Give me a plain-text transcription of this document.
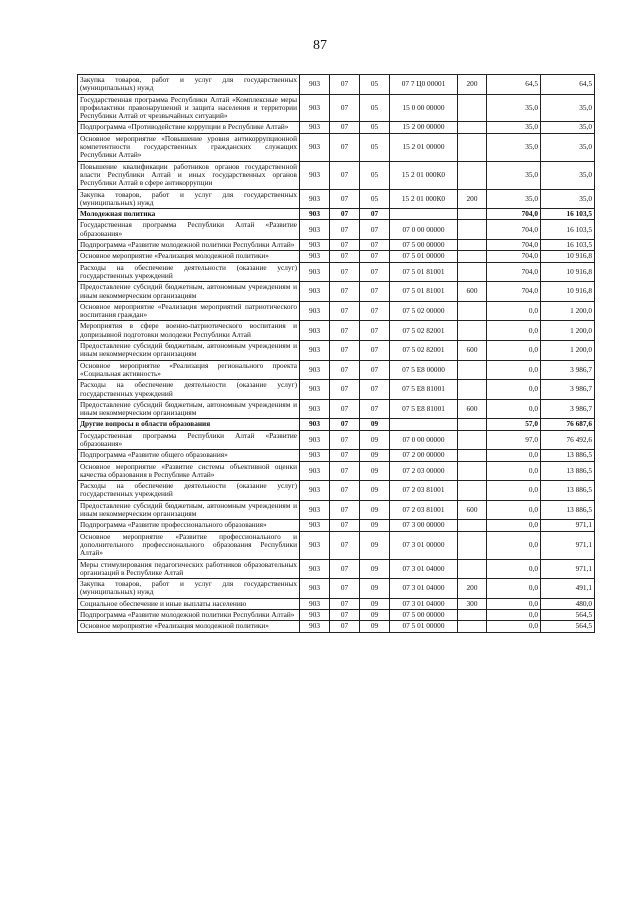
87
Закупка товаров, работ и услуг для государственных (муниципальных) нужд	903	07	05	07 7 Ц0 00001	200	64,5	64,5
Государственная программа Республики Алтай «Комплексные меры профилактики правонарушений и защита населения и территории Республики Алтай от чрезвычайных ситуаций»	903	07	05	15 0 00 00000		35,0	35,0
Подпрограмма «Противодействие коррупции в Республике Алтай»	903	07	05	15 2 00 00000		35,0	35,0
Основное мероприятие «Повышение уровня антикоррупционной компетентности государственных гражданских служащих Республики Алтай»	903	07	05	15 2 01 00000		35,0	35,0
Повышение квалификации работников органов государственной власти Республики Алтай и иных государственных органов Республики Алтай в сфере антикоррупции	903	07	05	15 2 01 000К0		35,0	35,0
Закупка товаров, работ и услуг для государственных (муниципальных) нужд	903	07	05	15 2 01 000К0	200	35,0	35,0
Молодежная политика	903	07	07			704,0	16 103,5
Государственная программа Республики Алтай «Развитие образования»	903	07	07	07 0 00 00000		704,0	16 103,5
Подпрограмма «Развитие молодежной политики Республики Алтай»	903	07	07	07 5 00 00000		704,0	16 103,5
Основное мероприятие «Реализация молодежной политики»	903	07	07	07 5 01 00000		704,0	10 916,8
Расходы на обеспечение деятельности (оказание услуг) государственных учреждений	903	07	07	07 5 01 81001		704,0	10 916,8
Предоставление субсидий бюджетным, автономным учреждениям и иным некоммерческим организациям	903	07	07	07 5 01 81001	600	704,0	10 916,8
Основное мероприятие «Реализация мероприятий патриотического воспитания граждан»	903	07	07	07 5 02 00000		0,0	1 200,0
Мероприятия в сфере военно-патриотического воспитания и допризывной подготовки молодежи Республики Алтай	903	07	07	07 5 02 82001		0,0	1 200,0
Предоставление субсидий бюджетным, автономным учреждениям и иным некоммерческим организациям	903	07	07	07 5 02 82001	600	0,0	1 200,0
Основное мероприятие «Реализация регионального проекта «Социальная активность»	903	07	07	07 5 E8 00000		0,0	3 986,7
Расходы на обеспечение деятельности (оказание услуг) государственных учреждений	903	07	07	07 5 E8 81001		0,0	3 986,7
Предоставление субсидий бюджетным, автономным учреждениям и иным некоммерческим организациям	903	07	07	07 5 E8 81001	600	0,0	3 986,7
Другие вопросы в области образования	903	07	09			57,0	76 687,6
Государственная программа Республики Алтай «Развитие образования»	903	07	09	07 0 00 00000		97,0	76 492,6
Подпрограмма «Развитие общего образования»	903	07	09	07 2 00 00000		0,0	13 886,5
Основное мероприятие «Развитие системы объективной оценки качества образования в Республике Алтай»	903	07	09	07 2 03 00000		0,0	13 886,5
Расходы на обеспечение деятельности (оказание услуг) государственных учреждений	903	07	09	07 2 03 81001		0,0	13 886,5
Предоставление субсидий бюджетным, автономным учреждениям и иным некоммерческим организациям	903	07	09	07 2 03 81001	600	0,0	13 886,5
Подпрограмма «Развитие профессионального образования»	903	07	09	07 3 00 00000		0,0	971,1
Основное мероприятие «Развитие профессионального и дополнительного профессионального образования Республики Алтай»	903	07	09	07 3 01 00000		0,0	971,1
Меры стимулирования педагогических работников образовательных организаций в Республике Алтай	903	07	09	07 3 01 04000		0,0	971,1
Закупка товаров, работ и услуг для государственных (муниципальных) нужд	903	07	09	07 3 01 04000	200	0,0	491,1
Социальное обеспечение и иные выплаты населению	903	07	09	07 3 01 04000	300	0,0	480,0
Подпрограмма «Развитие молодежной политики Республики Алтай»	903	07	09	07 5 00 00000		0,0	564,5
Основное мероприятие «Реализация молодежной политики»	903	07	09	07 5 01 00000		0,0	564,5
